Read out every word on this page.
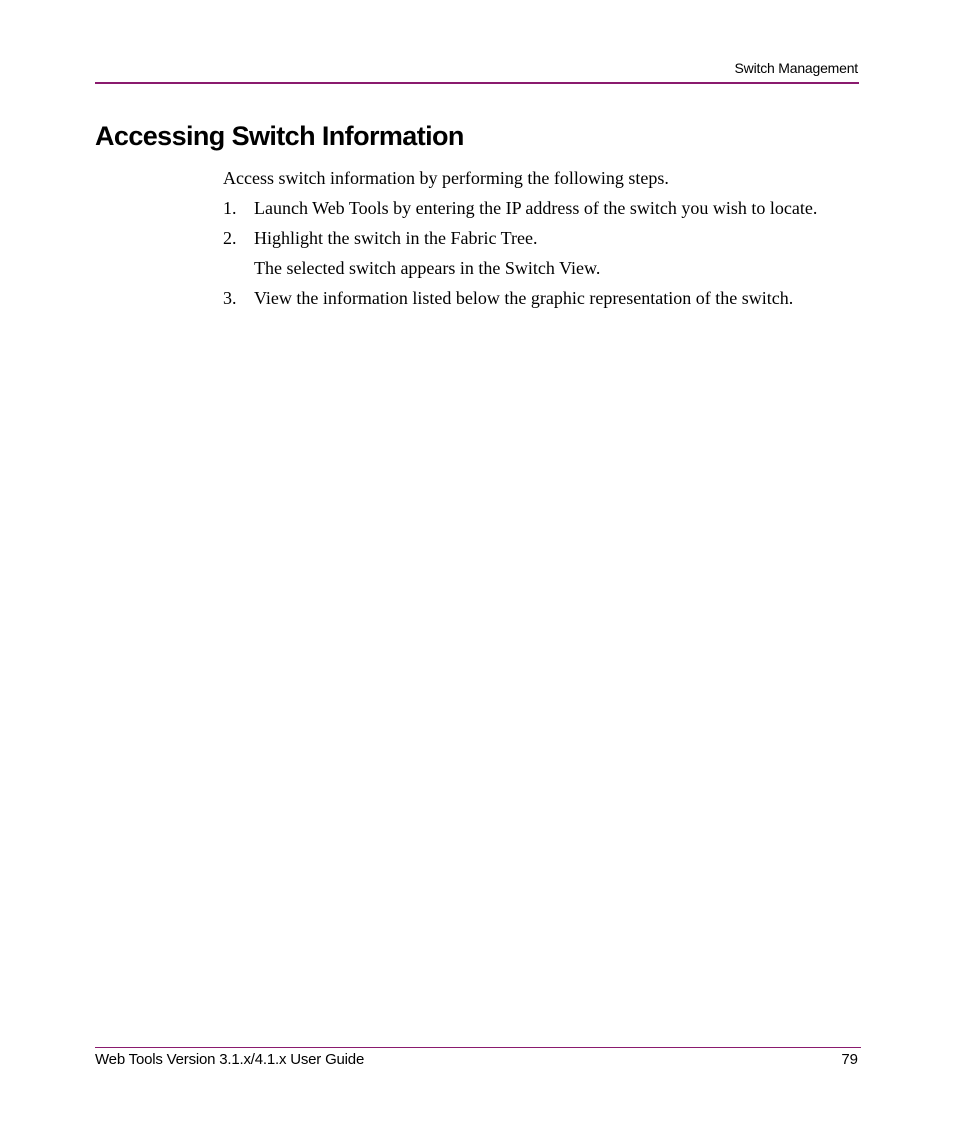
Switch Management
Accessing Switch Information

Access switch information by performing the following steps.

1. Launch Web Tools by entering the IP address of the switch you wish to locate.
2. Highlight the switch in the Fabric Tree.

The selected switch appears in the Switch View.

3. View the information listed below the graphic representation of the switch.
Web Tools Version 3.1.x/4.1.x User Guide	79
